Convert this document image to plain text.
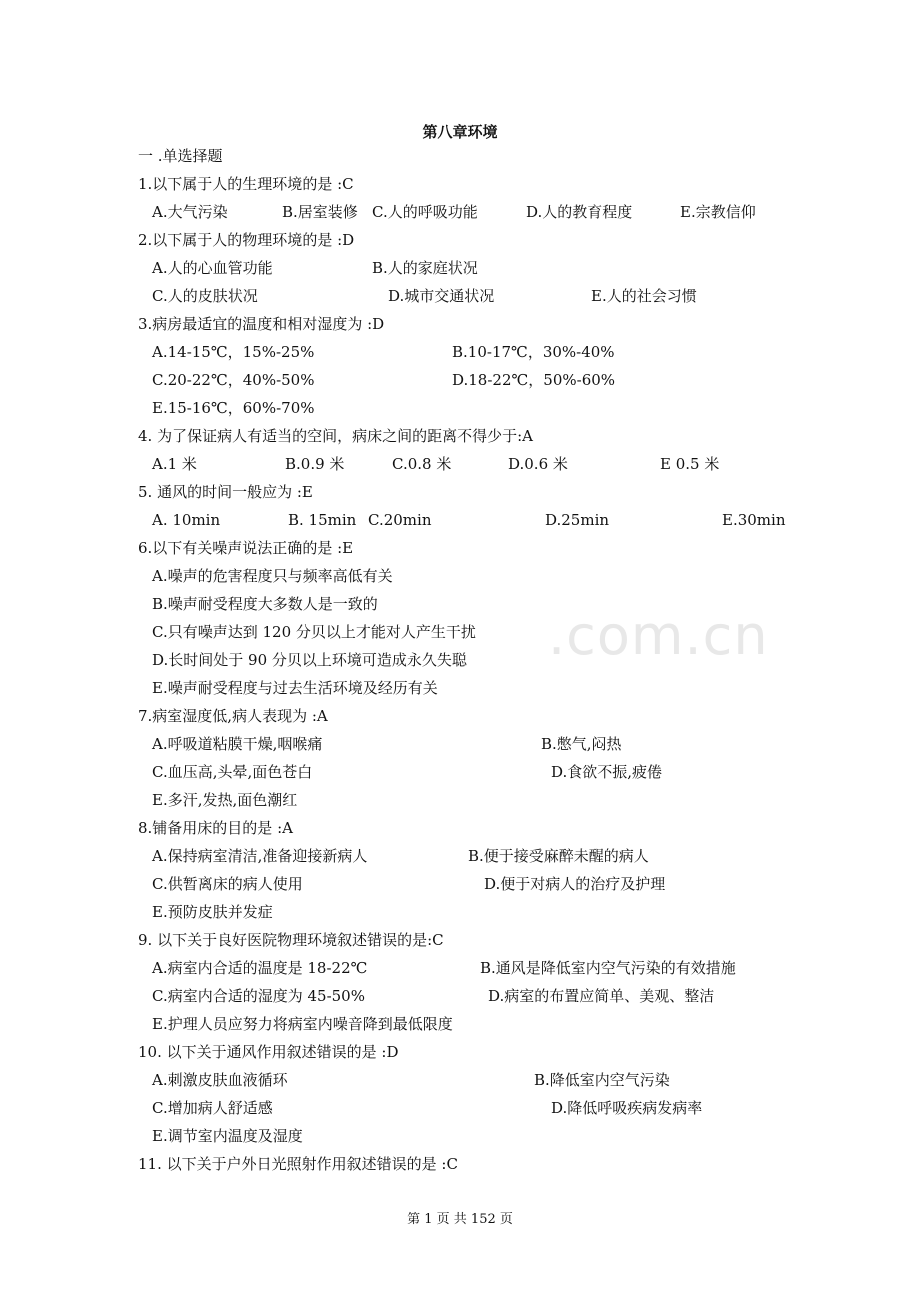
.com.cn
第八章环境
一 .单选择题
1.以下属于人的生理环境的是 :C
A.大气污染	B.居室装修 C.人的呼吸功能	D.人的教育程度	E.宗教信仰
2.以下属于人的物理环境的是 :D
A.人的心血管功能	B.人的家庭状况
C.人的皮肤状况	D.城市交通状况	E.人的社会习惯
3.病房最适宜的温度和相对湿度为 :D
A.14-15℃，15%-25%	B.10-17℃，30%-40%
C.20-22℃，40%-50%	D.18-22℃，50%-60%
E.15-16℃，60%-70%
4. 为了保证病人有适当的空间，病床之间的距离不得少于:A
A.1 米	B.0.9 米	C.0.8 米	D.0.6 米	E 0.5 米
5. 通风的时间一般应为 :E
A. 10min	B. 15min C.20min	D.25min	E.30min
6.以下有关噪声说法正确的是 :E
A.噪声的危害程度只与频率高低有关
B.噪声耐受程度大多数人是一致的
C.只有噪声达到 120 分贝以上才能对人产生干扰
D.长时间处于 90 分贝以上环境可造成永久失聪
E.噪声耐受程度与过去生活环境及经历有关
7.病室湿度低,病人表现为 :A
A.呼吸道粘膜干燥,咽喉痛	B.憋气,闷热
C.血压高,头晕,面色苍白	D.食欲不振,疲倦
E.多汗,发热,面色潮红
8.铺备用床的目的是 :A
A.保持病室清洁,准备迎接新病人	B.便于接受麻醉未醒的病人
C.供暂离床的病人使用	D.便于对病人的治疗及护理
E.预防皮肤并发症
9. 以下关于良好医院物理环境叙述错误的是:C
A.病室内合适的温度是 18-22℃	B.通风是降低室内空气污染的有效措施
C.病室内合适的湿度为 45-50%	D.病室的布置应简单、美观、整洁
E.护理人员应努力将病室内噪音降到最低限度
10. 以下关于通风作用叙述错误的是 :D
A.刺激皮肤血液循环	B.降低室内空气污染
C.增加病人舒适感	D.降低呼吸疾病发病率
E.调节室内温度及湿度
11. 以下关于户外日光照射作用叙述错误的是 :C
第 1 页 共 152 页
